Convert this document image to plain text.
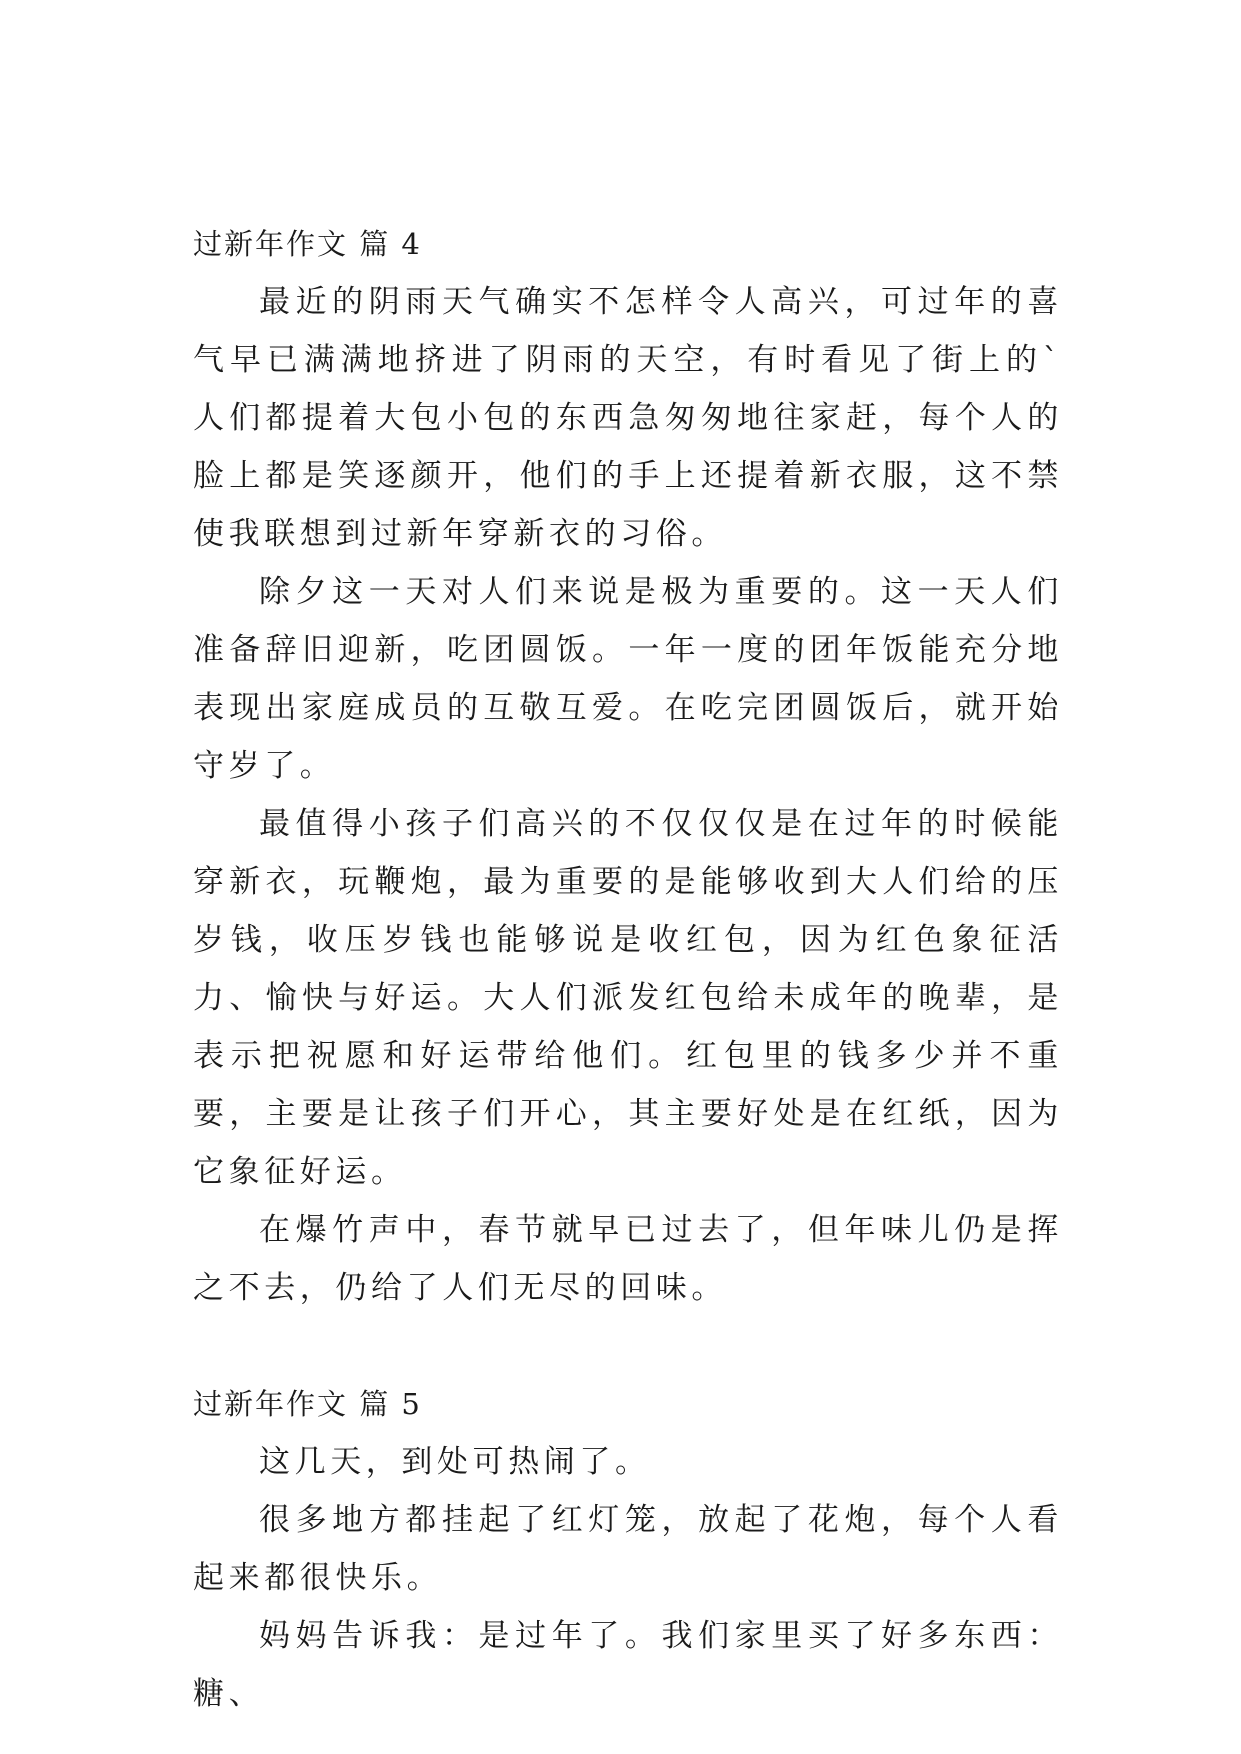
过新年作文 篇 4

最近的阴雨天气确实不怎样令人高兴，可过年的喜气早已满满地挤进了阴雨的天空，有时看见了街上的`人们都提着大包小包的东西急匆匆地往家赶，每个人的脸上都是笑逐颜开，他们的手上还提着新衣服，这不禁使我联想到过新年穿新衣的习俗。

除夕这一天对人们来说是极为重要的。这一天人们准备辞旧迎新，吃团圆饭。一年一度的团年饭能充分地表现出家庭成员的互敬互爱。在吃完团圆饭后，就开始守岁了。

最值得小孩子们高兴的不仅仅仅是在过年的时候能穿新衣，玩鞭炮，最为重要的是能够收到大人们给的压岁钱，收压岁钱也能够说是收红包，因为红色象征活力、愉快与好运。大人们派发红包给未成年的晚辈，是表示把祝愿和好运带给他们。红包里的钱多少并不重要，主要是让孩子们开心，其主要好处是在红纸，因为它象征好运。

在爆竹声中，春节就早已过去了，但年味儿仍是挥之不去，仍给了人们无尽的回味。

过新年作文 篇 5

这几天，到处可热闹了。

很多地方都挂起了红灯笼，放起了花炮，每个人看起来都很快乐。

妈妈告诉我：是过年了。我们家里买了好多东西：糖、
